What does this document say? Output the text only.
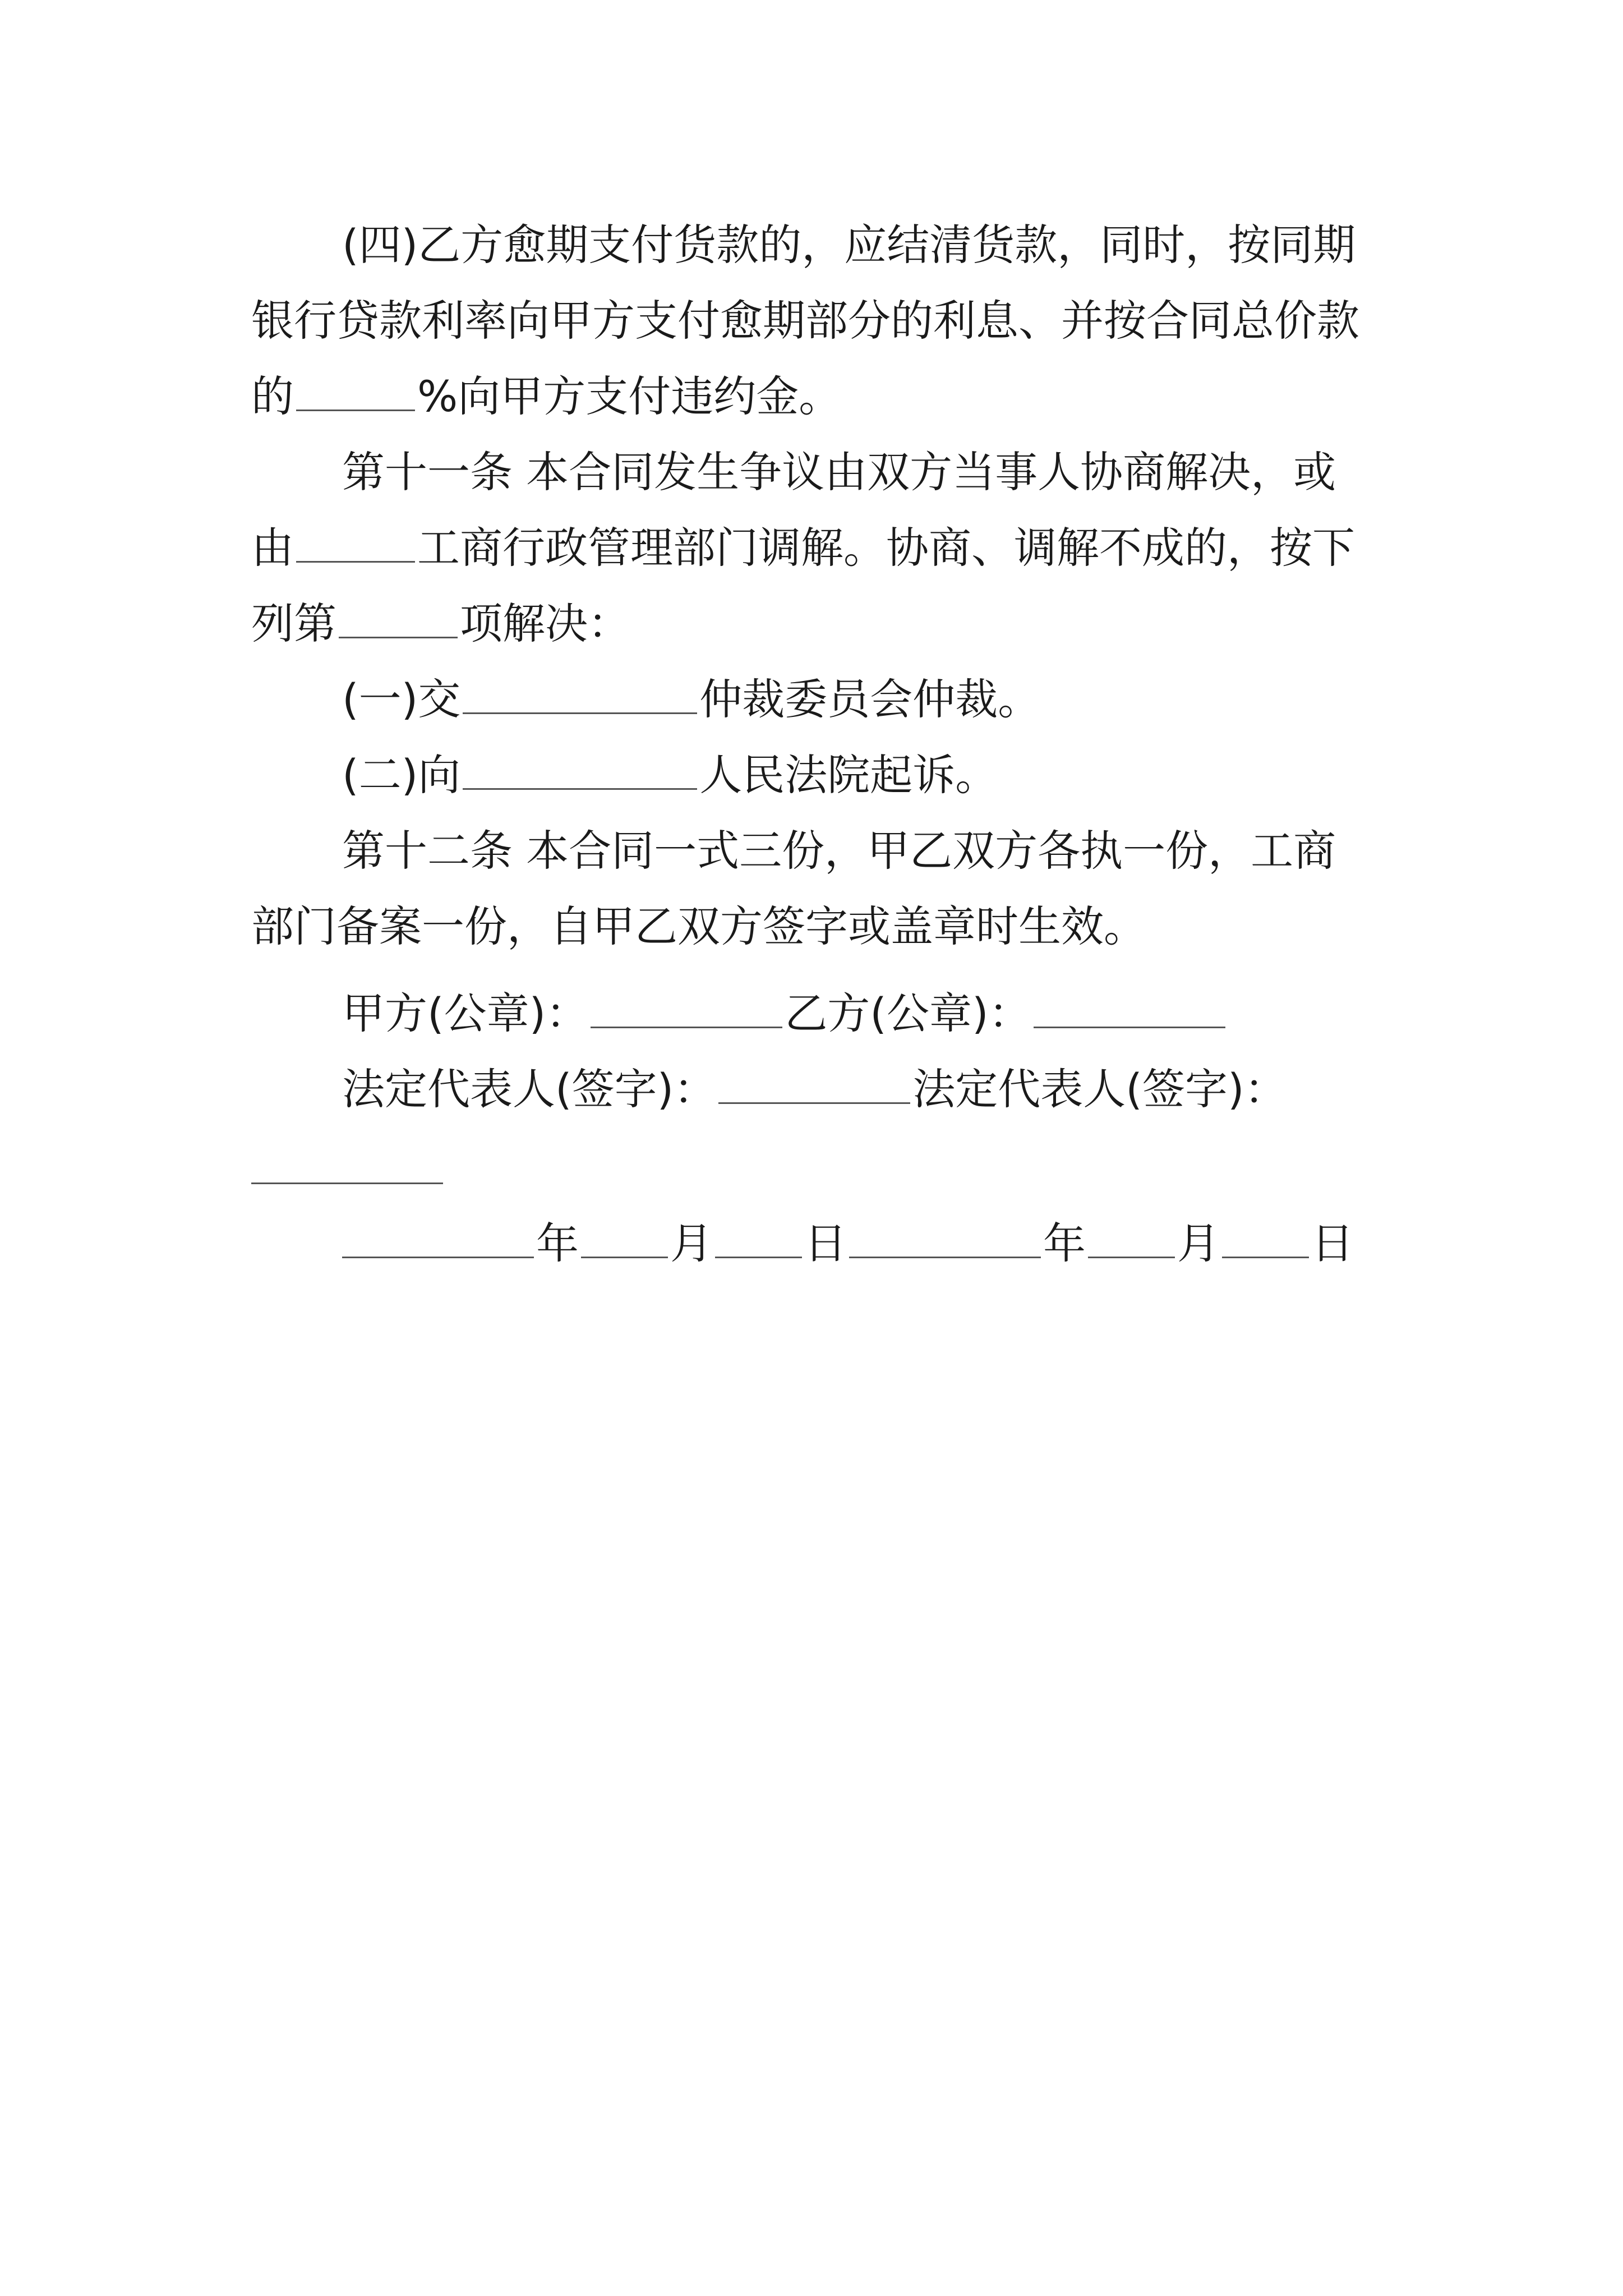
(四)乙方愈期支付货款的，应结清货款，同时，按同期
银行贷款利率向甲方支付愈期部分的利息、并按合同总价款
的	%向甲方支付违约金。
第十一条 本合同发生争议由双方当事人协商解决，或
由	工商行政管理部门调解。协商、调解不成的，按下
列第	项解决：
(一)交	仲裁委员会仲裁。
(二)向	人民法院起诉。
第十二条 本合同一式三份，甲乙双方各执一份，工商
部门备案一份，自甲乙双方签字或盖章时生效。
甲方(公章)：	乙方(公章)：
法定代表人(签字)：	法定代表人(签字)：
年 月 日	年 月 日
